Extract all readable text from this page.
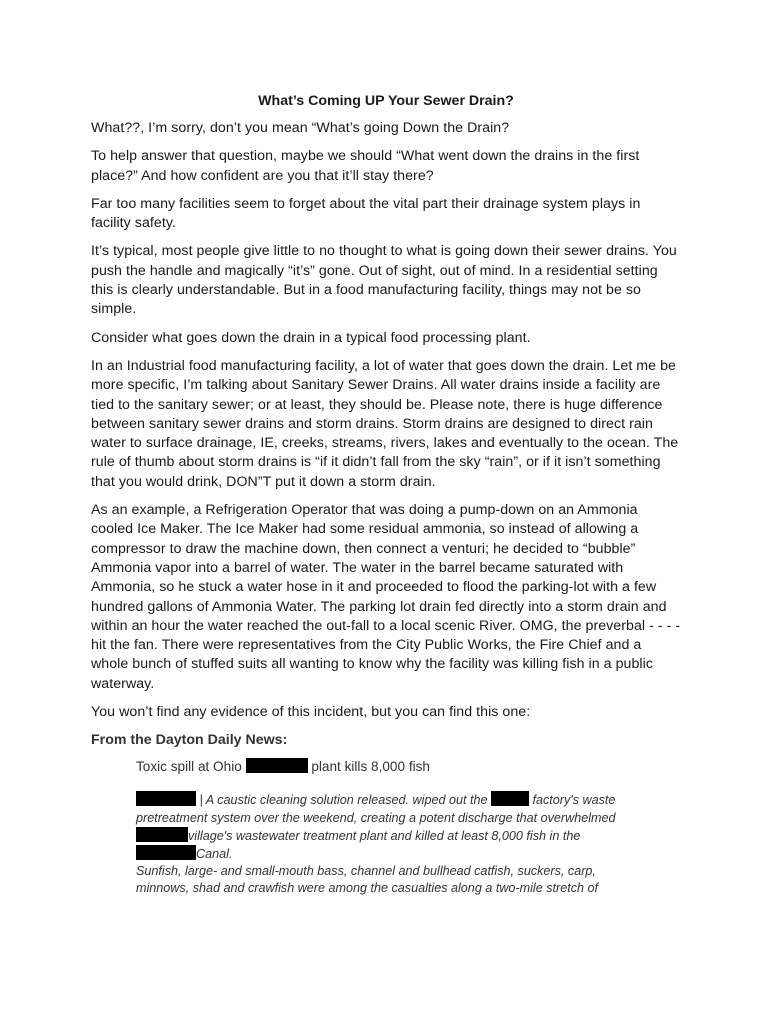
What’s Coming UP Your Sewer Drain?

What??, I’m sorry, don’t you mean “What’s going Down the Drain?

To help answer that question, maybe we should “What went down the drains in the first place?” And how confident are you that it’ll stay there?

Far too many facilities seem to forget about the vital part their drainage system plays in facility safety.

It’s typical, most people give little to no thought to what is going down their sewer drains. You push the handle and magically “it’s” gone. Out of sight, out of mind. In a residential setting this is clearly understandable. But in a food manufacturing facility, things may not be so simple.

Consider what goes down the drain in a typical food processing plant.

In an Industrial food manufacturing facility, a lot of water that goes down the drain. Let me be more specific, I’m talking about Sanitary Sewer Drains. All water drains inside a facility are tied to the sanitary sewer; or at least, they should be. Please note, there is huge difference between sanitary sewer drains and storm drains. Storm drains are designed to direct rain water to surface drainage, IE, creeks, streams, rivers, lakes and eventually to the ocean. The rule of thumb about storm drains is “if it didn’t fall from the sky “rain”, or if it isn’t something that you would drink, DON”T put it down a storm drain.

As an example, a Refrigeration Operator that was doing a pump-down on an Ammonia cooled Ice Maker. The Ice Maker had some residual ammonia, so instead of allowing a compressor to draw the machine down, then connect a venturi; he decided to “bubble” Ammonia vapor into a barrel of water. The water in the barrel became saturated with Ammonia, so he stuck a water hose in it and proceeded to flood the parking-lot with a few hundred gallons of Ammonia Water. The parking lot drain fed directly into a storm drain and within an hour the water reached the out-fall to a local scenic River. OMG, the preverbal - - - - hit the fan. There were representatives from the City Public Works, the Fire Chief and a whole bunch of stuffed suits all wanting to know why the facility was killing fish in a public waterway.

You won’t find any evidence of this incident, but you can find this one:

From the Dayton Daily News:
Toxic spill at Ohio	plant kills 8,000 fish

| A caustic cleaning solution released. wiped out the	factory's waste pretreatment system over the weekend, creating a potent discharge that overwhelmed village's wastewater treatment plant and killed at least 8,000 fish in the Canal.
Sunfish, large- and small-mouth bass, channel and bullhead catfish, suckers, carp, minnows, shad and crawfish were among the casualties along a two-mile stretch of
